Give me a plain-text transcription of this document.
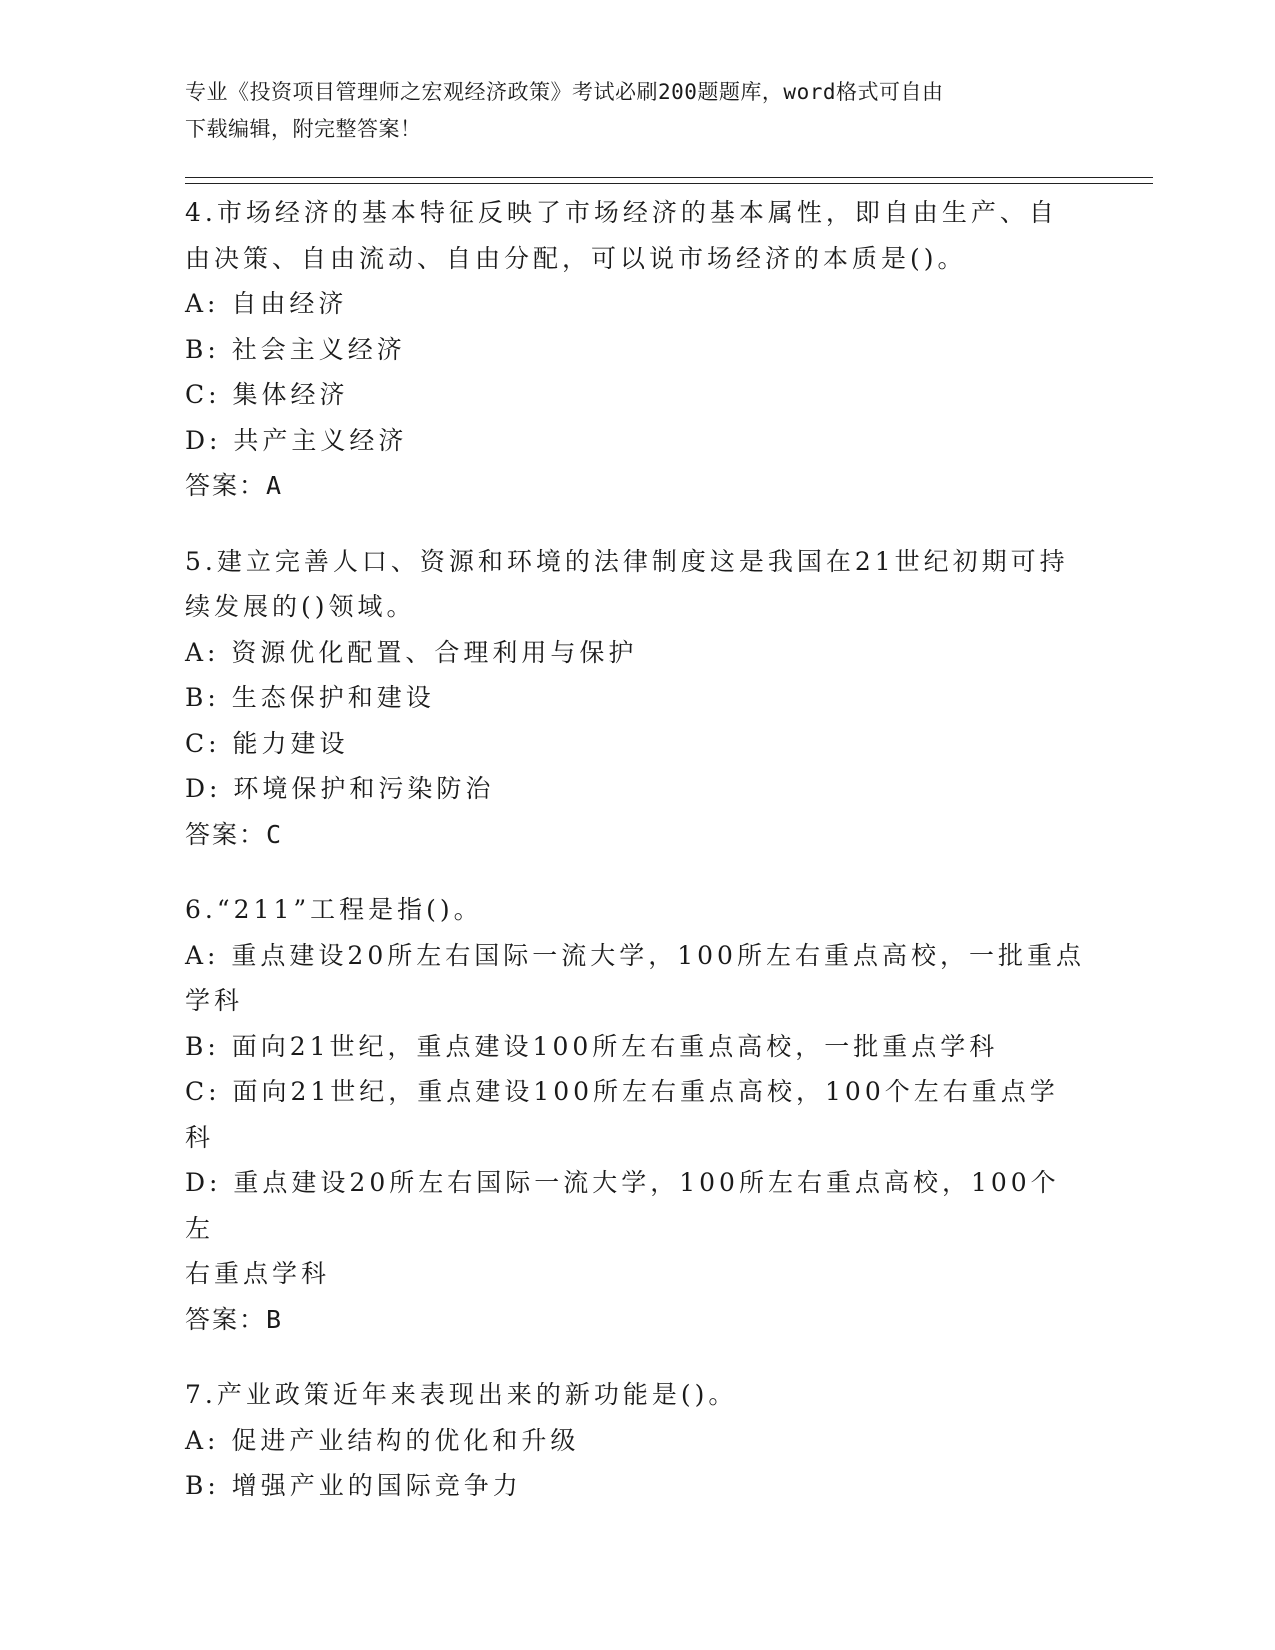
专业《投资项目管理师之宏观经济政策》考试必刷200题题库，word格式可自由
下载编辑，附完整答案！
4.市场经济的基本特征反映了市场经济的基本属性，即自由生产、自
由决策、自由流动、自由分配，可以说市场经济的本质是()。
A: 自由经济
B: 社会主义经济
C: 集体经济
D: 共产主义经济
答案：A
5.建立完善人口、资源和环境的法律制度这是我国在21世纪初期可持
续发展的()领域。
A: 资源优化配置、合理利用与保护
B: 生态保护和建设
C: 能力建设
D: 环境保护和污染防治
答案：C
6.“211”工程是指()。
A: 重点建设20所左右国际一流大学，100所左右重点高校，一批重点
学科
B: 面向21世纪，重点建设100所左右重点高校，一批重点学科
C: 面向21世纪，重点建设100所左右重点高校，100个左右重点学科
D: 重点建设20所左右国际一流大学，100所左右重点高校，100个左
右重点学科
答案：B
7.产业政策近年来表现出来的新功能是()。
A: 促进产业结构的优化和升级
B: 增强产业的国际竞争力
